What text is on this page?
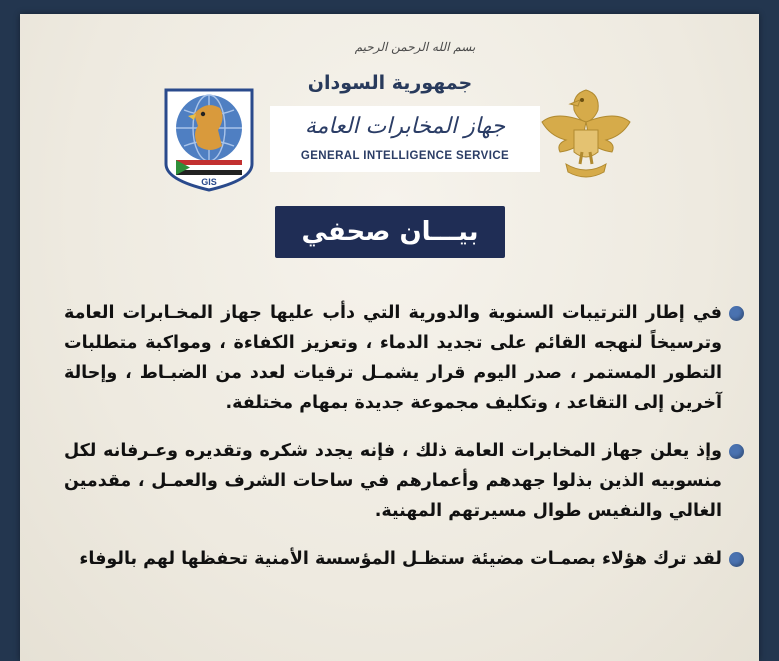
بسم الله الرحمن الرحيم
جمهورية السودان
GIS
جهاز المخابرات العامة
GENERAL INTELLIGENCE SERVICE
بيـــان صحفي

في إطار الترتيبات السنوية والدورية التي دأب عليها جهاز المخـابرات العامة وترسيخاً لنهجه القائم على تجديد الدماء ، وتعزيز الكفاءة ، ومواكبة متطلبات التطور المستمر ، صدر اليوم قرار يشمـل ترقيات لعدد من الضبـاط ، وإحالة آخرين إلى التقاعد ، وتكليف مجموعة جديدة بمهام مختلفة.

وإذ يعلن جهاز المخابرات العامة ذلك ، فإنه يجدد شكره وتقديره وعـرفانه لكل منسوبيه الذين بذلوا جهدهم وأعمارهم في ساحات الشرف والعمـل ، مقدمين الغالي والنفيس طوال مسيرتهم المهنية.

لقد ترك هؤلاء بصمـات مضيئة ستظـل المؤسسة الأمنية تحفظها لهم بالوفاء
